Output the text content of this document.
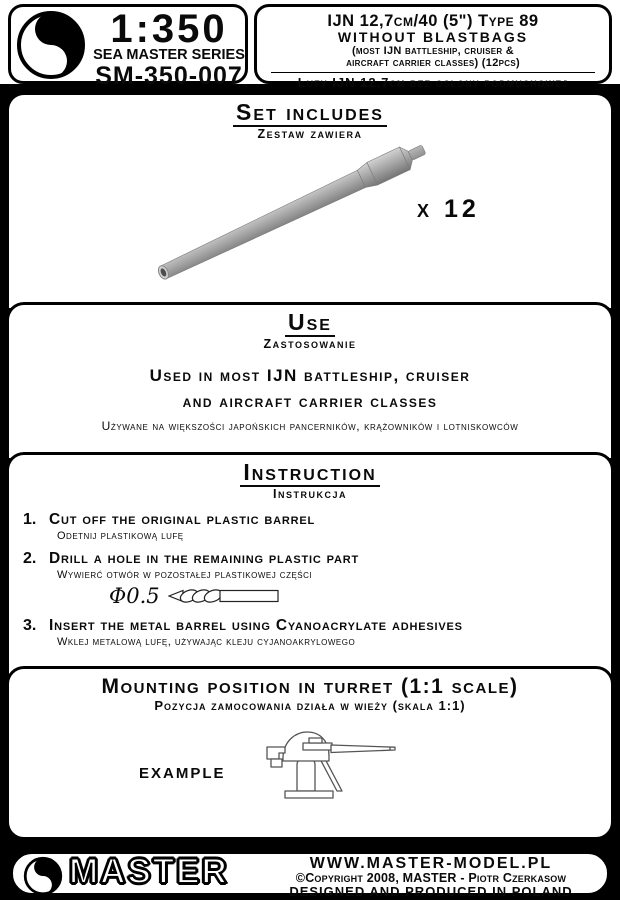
1:350
SEA MASTER SERIES
SM-350-007
IJN 12,7cm/40 (5") Type 89
WITHOUT BLASTBAGS
(most IJN battleship, cruiser &
aircraft carrier classes) (12pcs)
Lufy IJN 12,7cm bez osłony podmuchowej
Set includes
Zestaw zawiera
x 12
Use
Zastosowanie
Used in most IJN battleship, cruiser
and aircraft carrier classes
Używane na większości japońskich pancerników, krążowników i lotniskowców
Instruction
Instrukcja
1. Cut off the original plastic barrel
Odetnij plastikową lufę
2. Drill a hole in the remaining plastic part
Wywierć otwór w pozostałej plastikowej części
Φ0.5
3. Insert the metal barrel using Cyanoacrylate adhesives
Wklej metalową lufę, używając kleju cyjanoakrylowego
Mounting position in turret (1:1 scale)
Pozycja zamocowania działa w wieży (skala 1:1)
EXAMPLE
MASTER	WWW.MASTER-MODEL.PL
©Copyright 2008, MASTER - Piotr Czerkasow
DESIGNED AND PRODUCED IN POLAND
